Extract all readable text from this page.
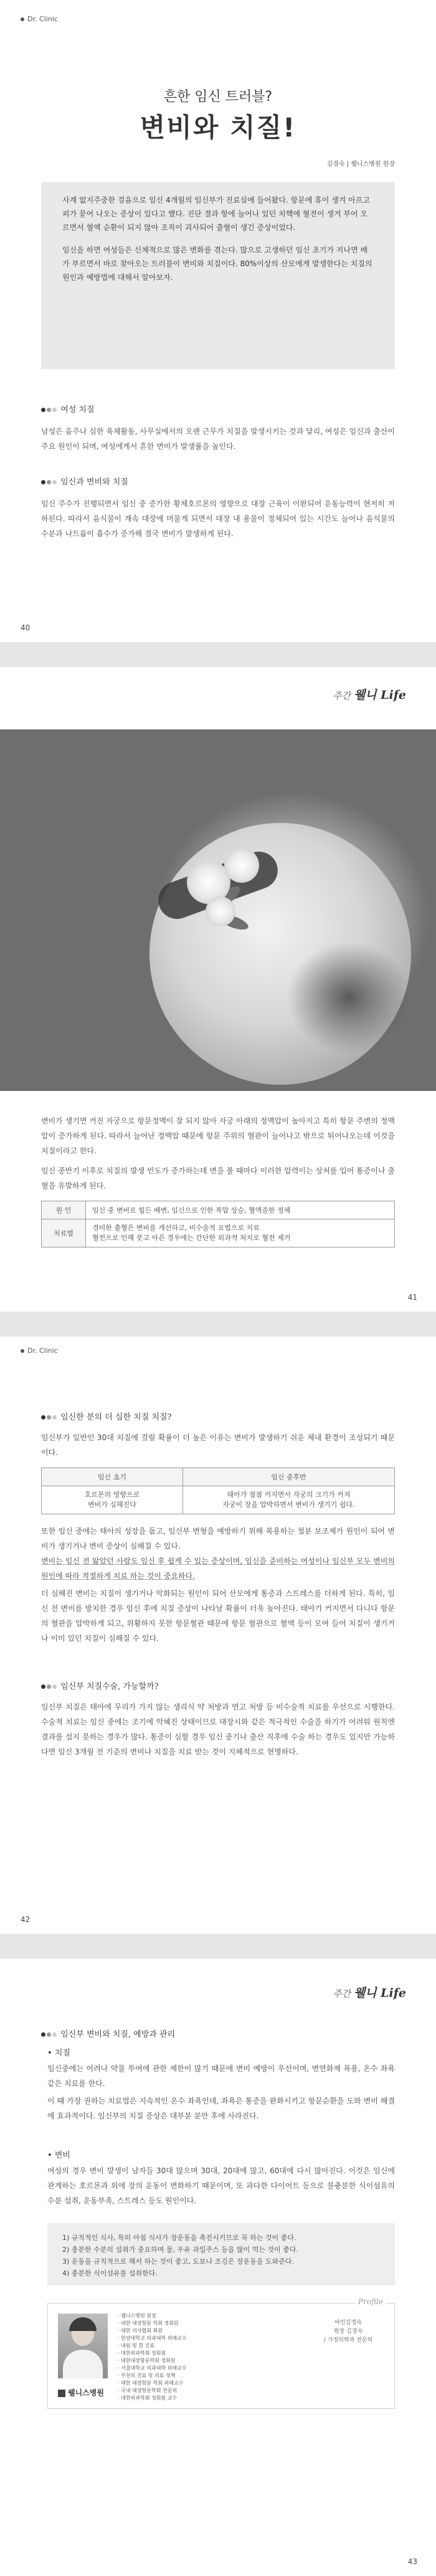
Dr. Clinic
흔한 임신 트러블?
변비와 치질!
김경숙 | 웰니스병원 원장

사계 없지주중한 걸음으로 임신 4개월의 임신부가 진료실에 들어왔다. 항문에 휴이 생겨 아프고 피가 묻어 나오는 증상이 있다고 했다. 진단 결과 항에 늘어나 있던 치핵에 혈전이 생겨 부어 오르면서 혈액 순환이 되지 않아 조직이 괴사되어 출혈이 생긴 증상이었다.

임신을 하면 여성들은 신체적으로 많은 변화를 겪는다. 많으로 고생하던 임신 초기가 지나면 배가 부르면서 바로 찾아오는 트러블이 변비와 치질이다. 80%이상의 산모에게 발생한다는 치질의 원인과 예방법에 대해서 알아보자.

여성 치질
남성은 음주나 심한 육체활동, 사무실에서의 오랜 근무가 치질을 발생시키는 것과 달리, 여성은 임신과 출산이 주요 원인이 되며, 여성에게서 흔한 변비가 발생률을 높인다.
임신과 변비와 치질
임신 주수가 진행되면서 임신 중 증가한 황체호르몬의 영향으로 대장 근육이 이완되어 운동능력이 현저히 저하된다. 따라서 음식물이 계속 대장에 머물게 되면서 대장 내 용물이 정체되어 있는 시간도 늘어나 음식물의 수분과 나트륨이 흡수가 증가해 결국 변비가 발생하게 된다.
40
주간 웰니 Life
변비가 생기면 커진 자궁으로 항문정맥이 잘 되지 않아 자궁 아래의 정맥압이 높아지고 특히 항문 주변의 정맥압이 증가하게 된다. 따라서 늘어난 정맥압 때문에 항문 주위의 혈관이 늘어나고 밖으로 튀어나오는데 이것을 치질이라고 한다.
임신 중반기 이후로 치질의 발생 빈도가 증가하는데 변을 볼 때마다 이러한 압력이는 상처를 입어 통증이나 출혈을 유발하게 된다.
원 인	임신 중 변비로 힘든 배변, 임신으로 인한 복압 상승, 혈액증한 정체
치료법	경미한 출혈은 변비를 개선하고, 비수술적 요법으로 치료
혈전으로 인해 붓고 아픈 경우에는 간단한 외과적 처치로 혈전 제거
41
Dr. Clinic
임신한 분의 더 심한 치질 치질?
임신부가 일반인 30대 치질에 걸릴 확률이 더 높은 이유는 변비가 발생하기 쉬운 체내 환경이 조성되기 때문이다.
임신 초기	임신 중후반
호르몬의 영향으로
변비가 심해진다	태아가 점점 커지면서 자궁의 크기가 커져
자궁이 장을 압박하면서 변비가 생기기 쉽다.
또한 임신 중에는 태아의 성장을 돕고, 임신부 변형을 예방하기 위해 복용하는 철분 보조제가 원인이 되어 변비가 생기거나 변비 증상이 심해질 수 있다.
변비는 임신 전 앓았던 사람도 임신 후 쉽게 수 있는 증상이며, 임신을 준비하는 여성이나 임신부 모두 변비의 원인에 따라 적절하게 치료 하는 것이 중요하다.
더 심해진 변비는 치질이 생기거나 악화되는 원인이 되어 산모에게 통증과 스트레스를 더하게 된다. 특히, 임신 전 변비를 방치한 경우 임신 후에 치질 증상이 나타날 확률이 더욱 높아진다. 태아가 커지면서 다니다 항문의 혈관을 압박하게 되고, 위황하지 못한 항문혈관 때문에 항문 혈관으로 혈액 등이 모여 들어 치질이 생기거나 이미 있던 치질이 심해질 수 있다.
임신부 치질수술, 가능할까?
임신부 치질은 태아에 무리가 가지 않는 생리식 약 처방과 연고 처방 등 비수술적 치료를 우선으로 시행한다. 수술적 치료는 임신 중에는 조기에 악혜진 상태이므로 대장시와 같은 적극적인 수술을 하기가 어려워 원칙엔 결과를 섭지 못하는 경우가 많다. 통증이 심할 경우 임신 중기나 출산 직후에 수술 하는 경우도 있지만 가능하다면 임신 3개월 전 기준의 변비나 치질을 치료 받는 것이 지혜적으로 현명하다.
42
주간 웰니 Life
임신부 변비와 치질, 예방과 관리
• 치질
임신중에는 어려나 약물 투여에 관한 제한이 많기 때문에 변비 예방이 우선이며, 변연화제 복용, 온수 좌욕 같은 치료를 한다.
이 때 가장 권하는 치료법은 지속적인 온수 좌욕인데, 좌욕은 통증을 완화시키고 항문순환을 도와 변비 해결에 효과적이다. 임신부의 치질 증상은 대부분 분만 후에 사라진다.
• 변비
여성의 경우 변비 발생이 남자들 30대 많으며 30대, 20대에 많고, 60대에 다시 많아진다. 이것은 임신에 관계하는 호르몬과 외에 장의 운동이 변화하기 때문이며, 또 과다한 다이어트 등으로 불충분한 식이섬유의 수분 섭취, 운동부족, 스트레스 등도 원인이다.
1) 규칙적인 식사, 특히 아침 식사가 장운동을 촉진시키므로 꼭 하는 것이 좋다.
2) 충분한 수분의 섭취가 중요하며 물, 우유 과일주스 등을 많이 먹는 것이 좋다.
3) 운동을 규칙적으로 해서 하는 것이 좋고, 도보나 조깅은 장운동을 도와준다.
4) 충분한 식이섬유를 섭취한다.
웰니스병원
· 웰니스병원 원장
· 대한 대장항문 학회 정회원
· 대한 의사협회 회원
· 한양대학교 의과대학 외래교수
· 내원 및 한 진료
· 대한외과학회 정회원
· 대한대장항문학회 정회원
· 서울대학교 의과대학 외래교수
· 부천의 진료 및 의료 정책
· 대한 대장항문 학회 외래교수
· 국내 대장항문학회 전문의
· 대한외과학회 정회원 교수
Profile
아인김경숙
원장 김경숙
/ 가정의학과 전문의
43
